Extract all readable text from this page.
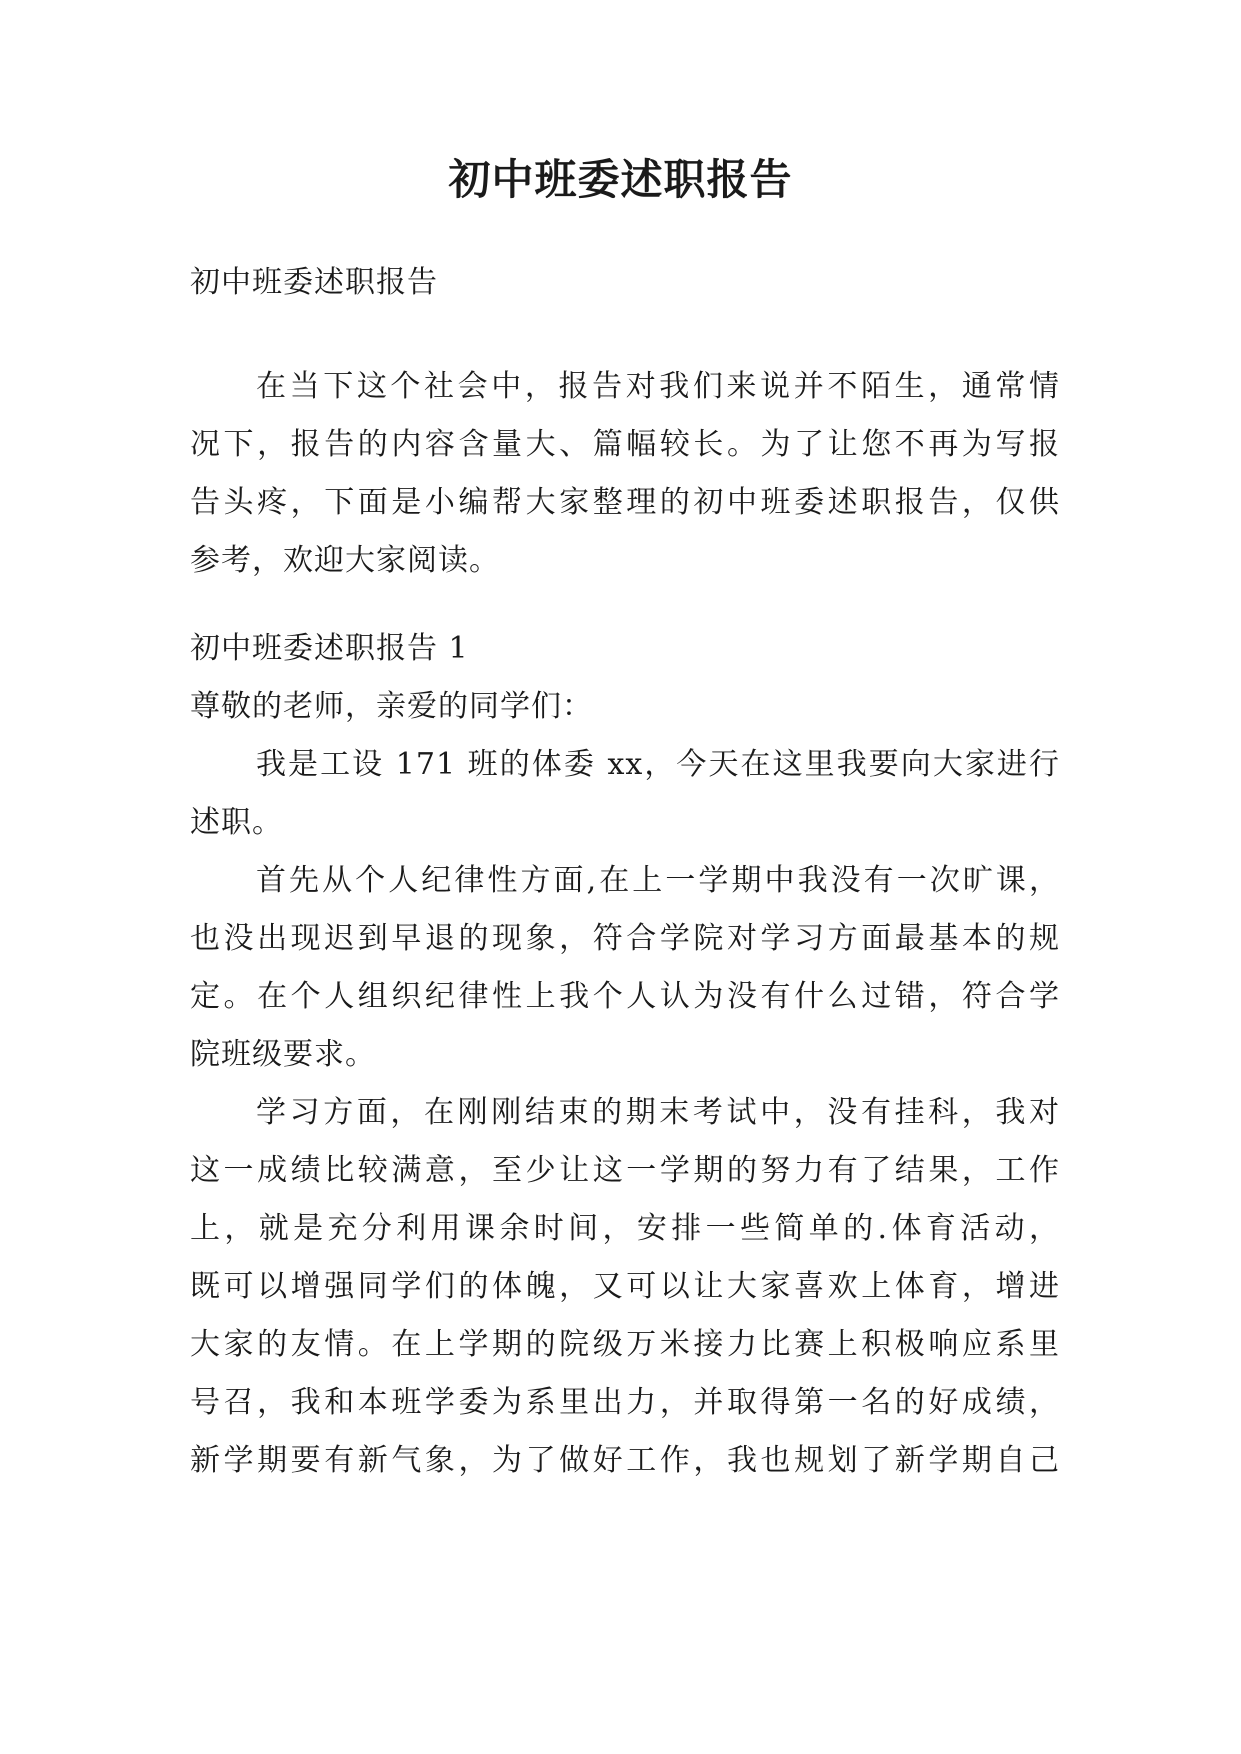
初中班委述职报告
初中班委述职报告
在当下这个社会中，报告对我们来说并不陌生，通常情
况下，报告的内容含量大、篇幅较长。为了让您不再为写报
告头疼，下面是小编帮大家整理的初中班委述职报告，仅供
参考，欢迎大家阅读。
初中班委述职报告 1
尊敬的老师，亲爱的同学们：
我是工设 171 班的体委 xx，今天在这里我要向大家进行
述职。
首先从个人纪律性方面,在上一学期中我没有一次旷课，
也没出现迟到早退的现象，符合学院对学习方面最基本的规
定。在个人组织纪律性上我个人认为没有什么过错，符合学
院班级要求。
学习方面，在刚刚结束的期末考试中，没有挂科，我对
这一成绩比较满意，至少让这一学期的努力有了结果，工作
上，就是充分利用课余时间，安排一些简单的.体育活动，
既可以增强同学们的体魄，又可以让大家喜欢上体育，增进
大家的友情。在上学期的院级万米接力比赛上积极响应系里
号召，我和本班学委为系里出力，并取得第一名的好成绩，
新学期要有新气象，为了做好工作，我也规划了新学期自己
